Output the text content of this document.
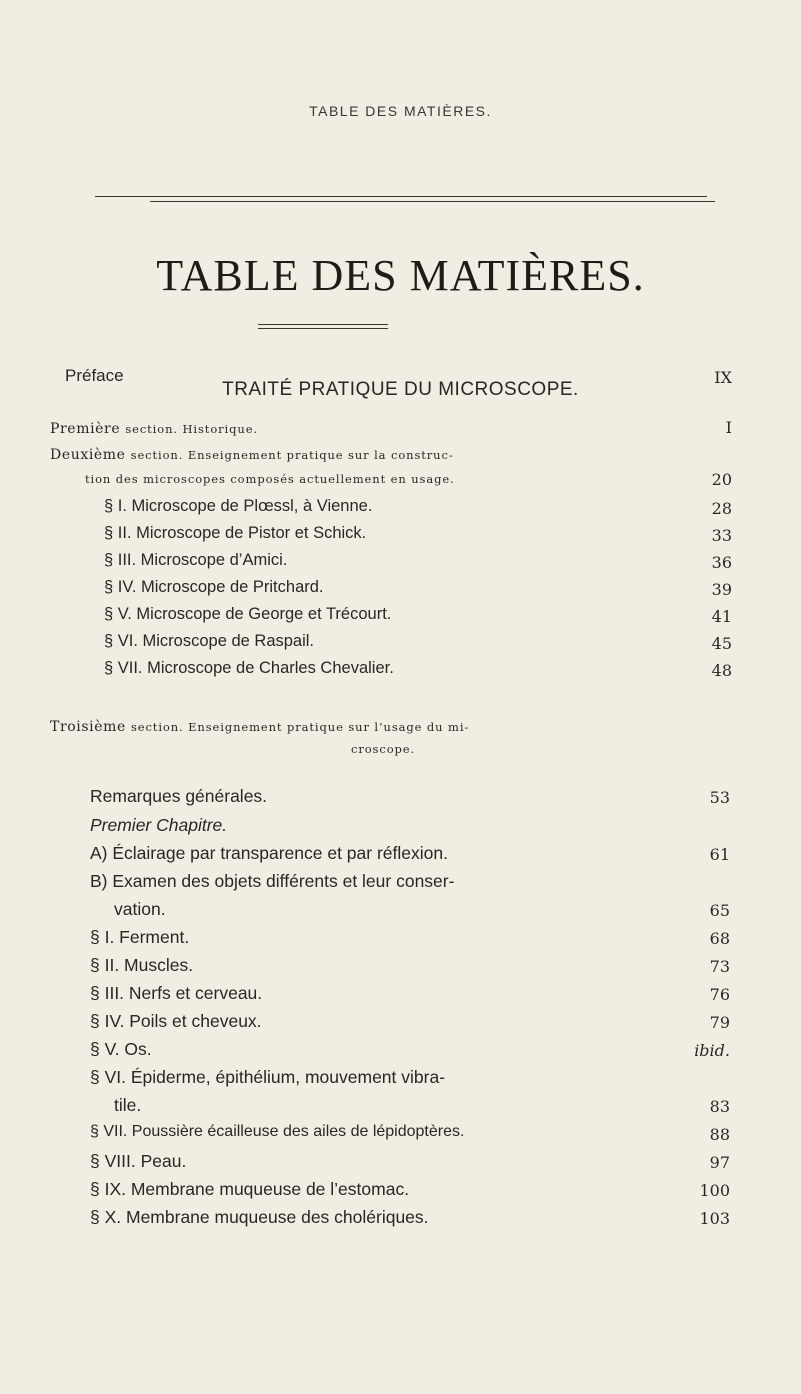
TABLE DES MATIÈRES.
TABLE DES MATIÈRES.
Préface	IX
TRAITÉ PRATIQUE DU MICROSCOPE.
Première section. Historique.	I
Deuxième section. Enseignement pratique sur la construc-
tion des microscopes composés actuellement en usage.	20
§ I. Microscope de Plœssl, à Vienne.	28
§ II. Microscope de Pistor et Schick.	33
§ III. Microscope d’Amici.	36
§ IV. Microscope de Pritchard.	39
§ V. Microscope de George et Trécourt.	41
§ VI. Microscope de Raspail.	45
§ VII. Microscope de Charles Chevalier.	48
Troisième section. Enseignement pratique sur l’usage du mi-
croscope.
Remarques générales.	53
Premier Chapitre.
A) Éclairage par transparence et par réflexion.	61
B) Examen des objets différents et leur conser-
vation.	65
§ I. Ferment.	68
§ II. Muscles.	73
§ III. Nerfs et cerveau.	76
§ IV. Poils et cheveux.	79
§ V. Os.	ibid.
§ VI. Épiderme, épithélium, mouvement vibra-
tile.	83
§ VII. Poussière écailleuse des ailes de lépidoptères.	88
§ VIII. Peau.	97
§ IX. Membrane muqueuse de l’estomac.	100
§ X. Membrane muqueuse des cholériques.	103
